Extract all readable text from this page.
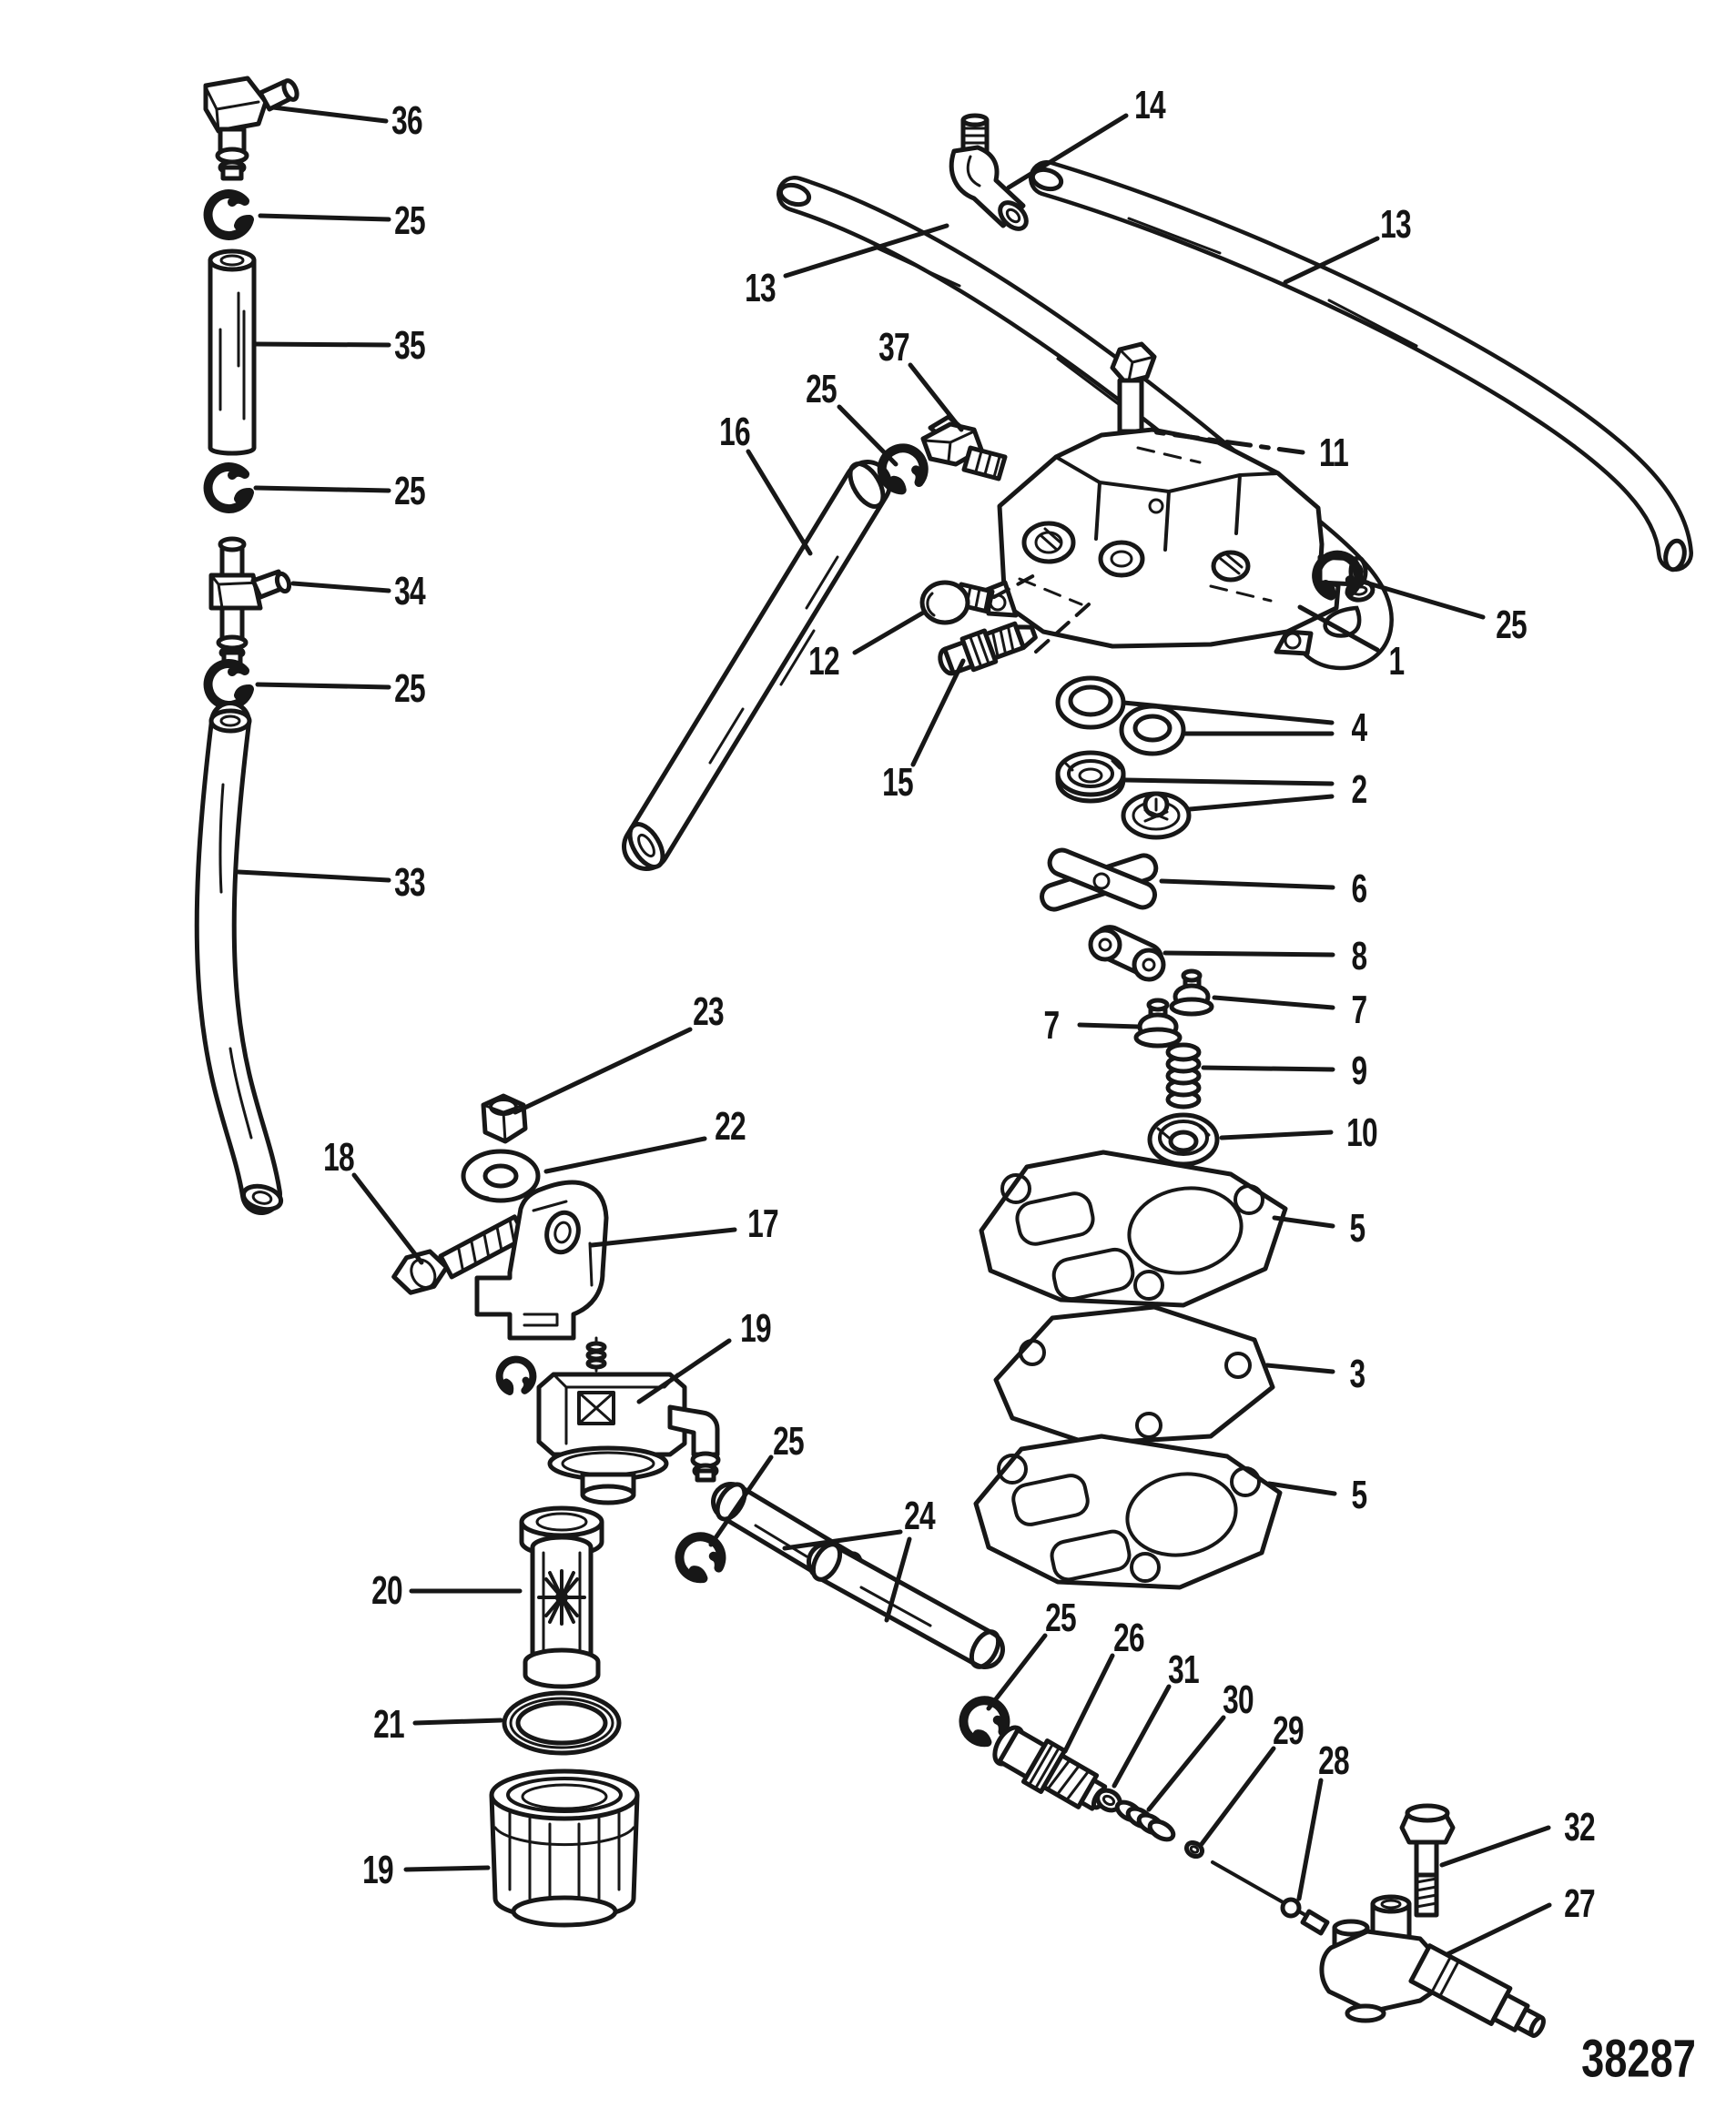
36
25
35
25
34
25
33
14
13
13
37
25
16	11
12
15
1
25
4
2
6
8
7
7
9
10
5
3
5
23
22
18
17
19
25
20
21
19
24
25 26
31
30
29
28
32
27
38287
